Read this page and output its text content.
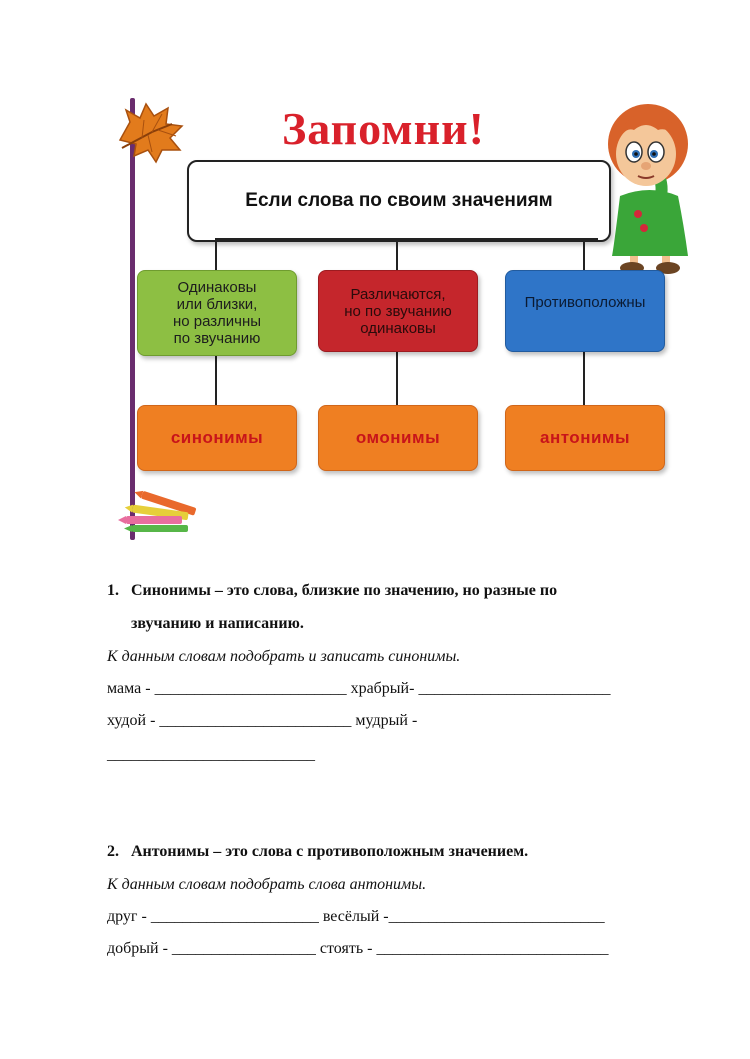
Запомни!
Если слова по своим значениям
Одинаковы
или близки,
но различны
по звучанию
Различаются,
но по звучанию
одинаковы
Противоположны
синонимы	омонимы	антонимы
1. Синонимы – это слова, близкие по значению, но разные по
звучанию и написанию.
К данным словам подобрать и записать синонимы.
мама - ________________________ храбрый- ________________________
худой - ________________________ мудрый -
__________________________
2. Антонимы – это слова с противоположным значением.
К данным словам подобрать слова антонимы.
друг - _____________________ весёлый -___________________________
добрый - __________________ стоять - _____________________________
